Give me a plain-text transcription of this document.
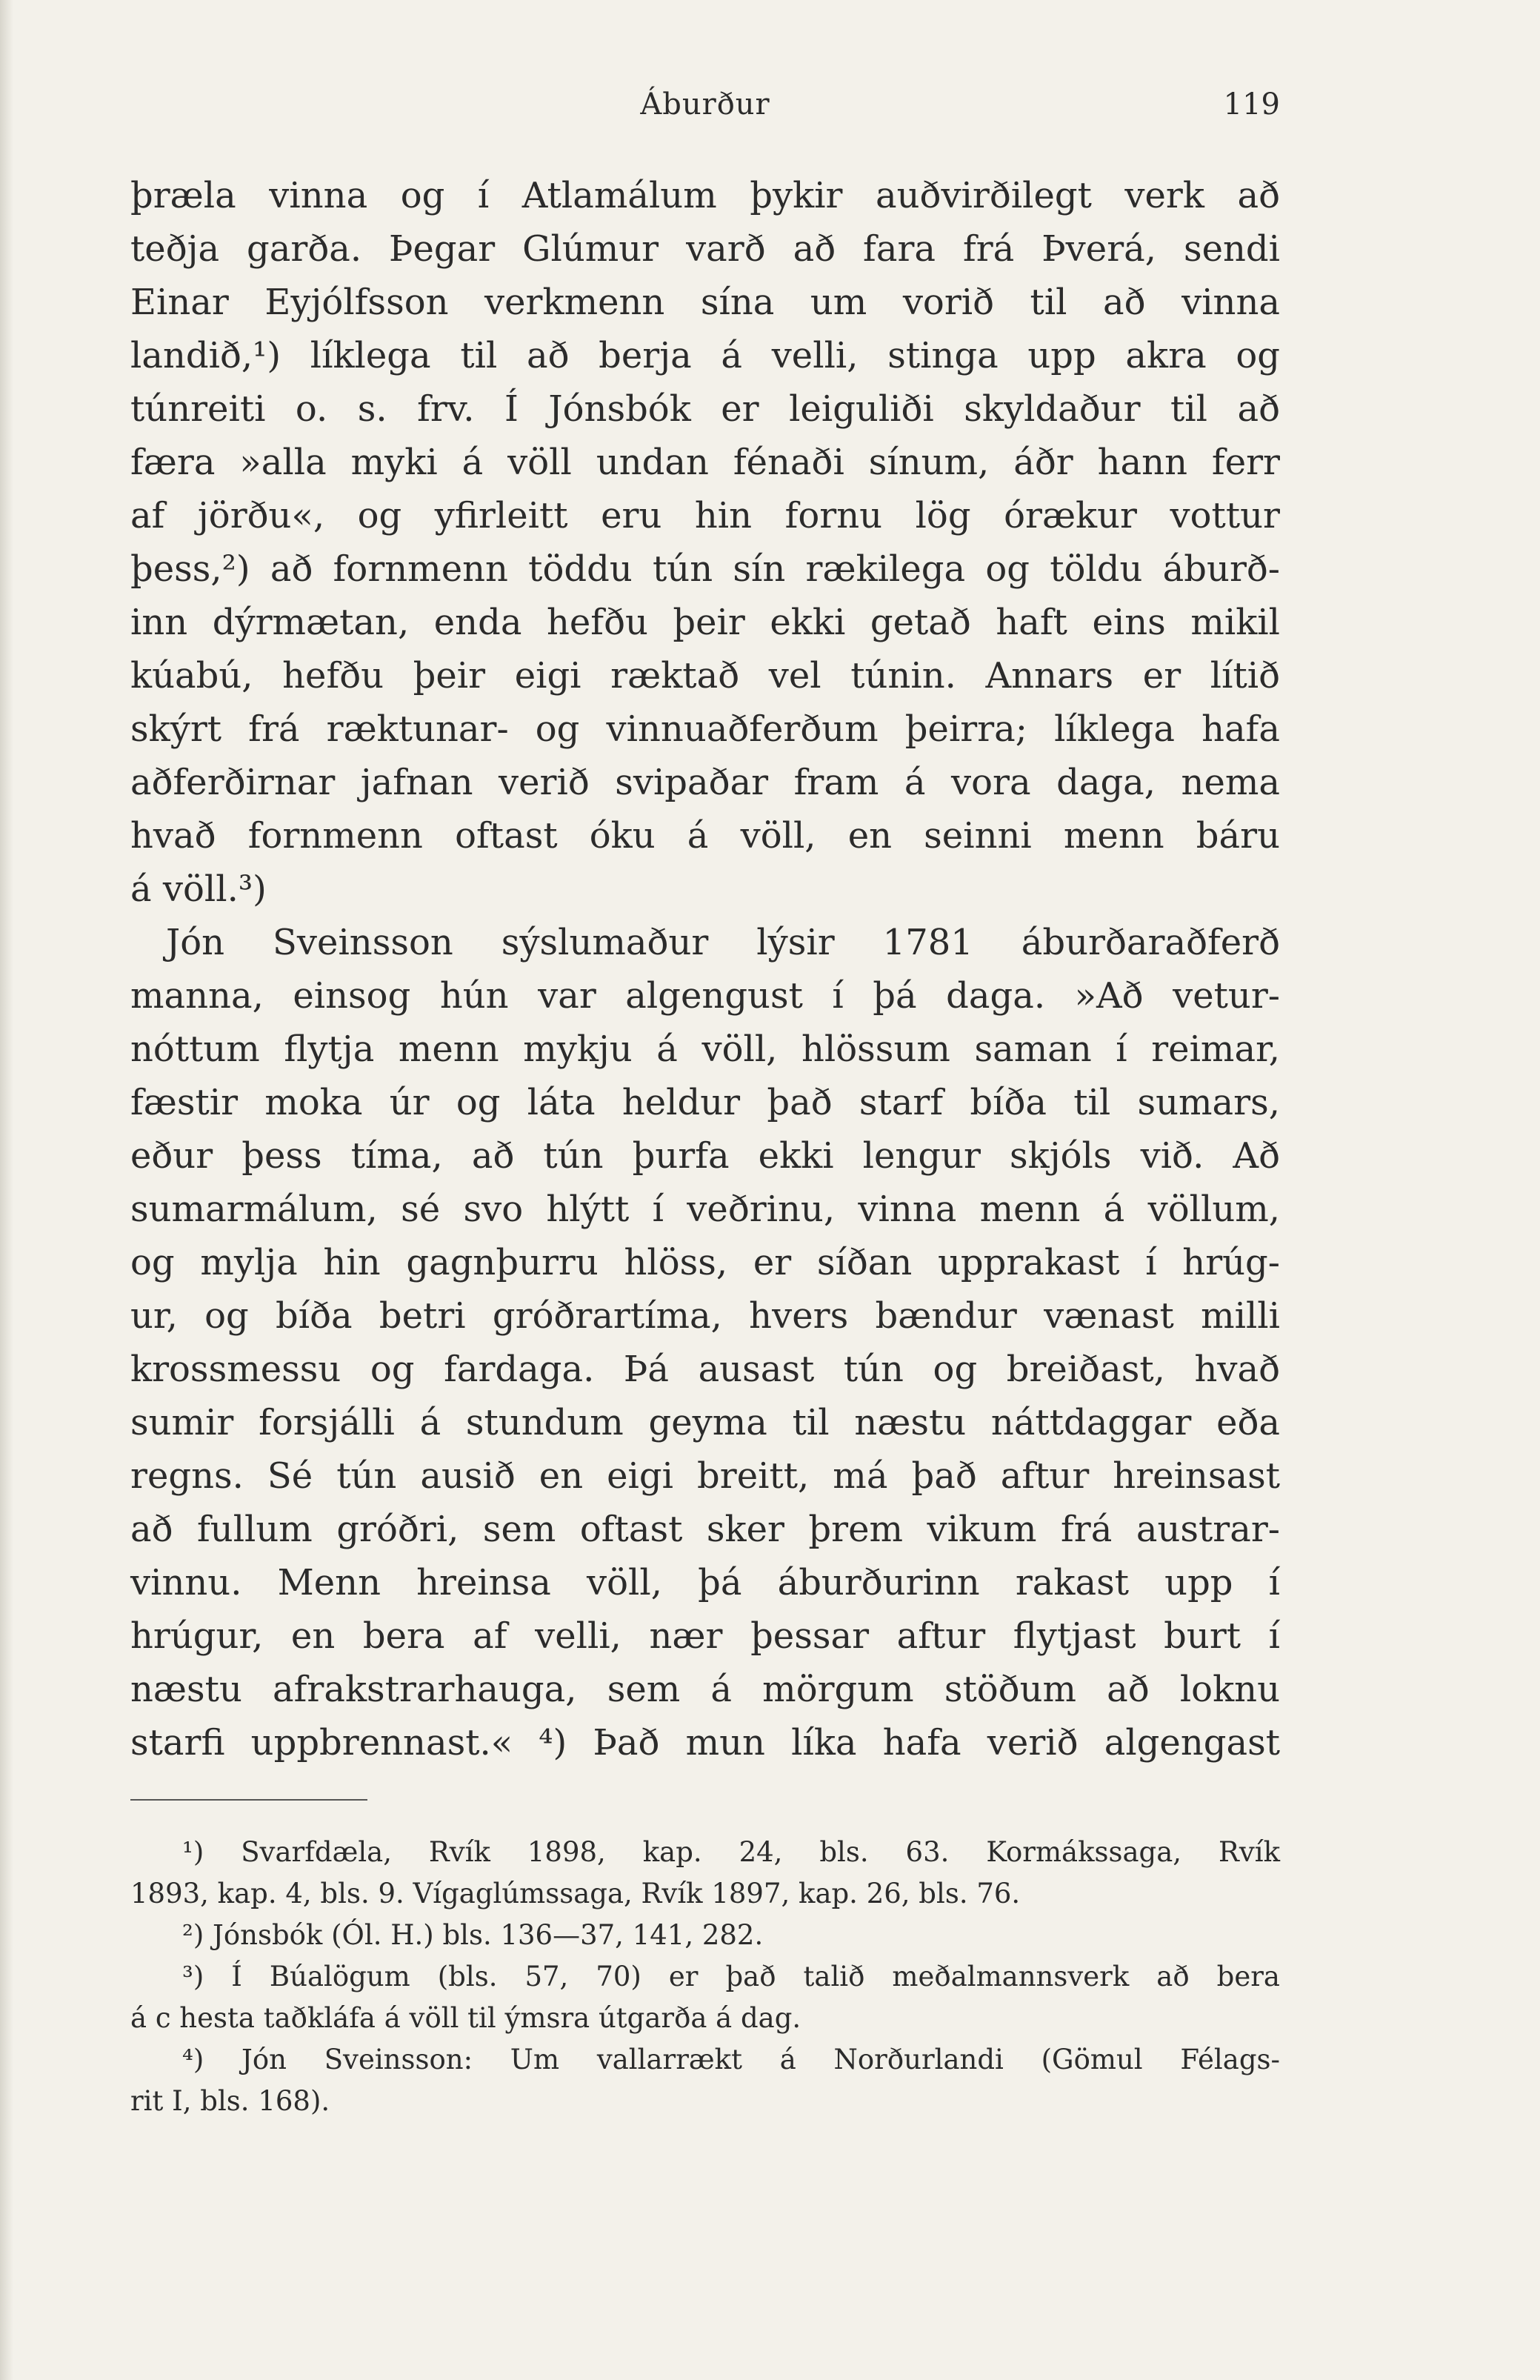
Áburður	119
þræla vinna og í Atlamálum þykir auðvirðilegt verk að
teðja garða. Þegar Glúmur varð að fara frá Þverá, sendi
Einar Eyjólfsson verkmenn sína um vorið til að vinna
landið,¹) líklega til að berja á velli, stinga upp akra og
túnreiti o. s. frv. Í Jónsbók er leiguliði skyldaður til að
færa »alla myki á völl undan fénaði sínum, áðr hann ferr
af jörðu«, og yfirleitt eru hin fornu lög órækur vottur
þess,²) að fornmenn töddu tún sín rækilega og töldu áburð-
inn dýrmætan, enda hefðu þeir ekki getað haft eins mikil
kúabú, hefðu þeir eigi ræktað vel túnin. Annars er lítið
skýrt frá ræktunar- og vinnuaðferðum þeirra; líklega hafa
aðferðirnar jafnan verið svipaðar fram á vora daga, nema
hvað fornmenn oftast óku á völl, en seinni menn báru
á völl.³)
Jón Sveinsson sýslumaður lýsir 1781 áburðaraðferð
manna, einsog hún var algengust í þá daga. »Að vetur-
nóttum flytja menn mykju á völl, hlössum saman í reimar,
fæstir moka úr og láta heldur það starf bíða til sumars,
eður þess tíma, að tún þurfa ekki lengur skjóls við. Að
sumarmálum, sé svo hlýtt í veðrinu, vinna menn á völlum,
og mylja hin gagnþurru hlöss, er síðan upprakast í hrúg-
ur, og bíða betri gróðrartíma, hvers bændur vænast milli
krossmessu og fardaga. Þá ausast tún og breiðast, hvað
sumir forsjálli á stundum geyma til næstu náttdaggar eða
regns. Sé tún ausið en eigi breitt, má það aftur hreinsast
að fullum gróðri, sem oftast sker þrem vikum frá austrar-
vinnu. Menn hreinsa völl, þá áburðurinn rakast upp í
hrúgur, en bera af velli, nær þessar aftur flytjast burt í
næstu afrakstrarhauga, sem á mörgum stöðum að loknu
starfi uppbrennast.« ⁴) Það mun líka hafa verið algengast
¹) Svarfdæla, Rvík 1898, kap. 24, bls. 63. Kormákssaga, Rvík
1893, kap. 4, bls. 9. Vígaglúmssaga, Rvík 1897, kap. 26, bls. 76.
²) Jónsbók (Ól. H.) bls. 136—37, 141, 282.
³) Í Búalögum (bls. 57, 70) er það talið meðalmannsverk að bera
á c hesta taðkláfa á völl til ýmsra útgarða á dag.
⁴) Jón Sveinsson: Um vallarrækt á Norðurlandi (Gömul Félags-
rit I, bls. 168).
